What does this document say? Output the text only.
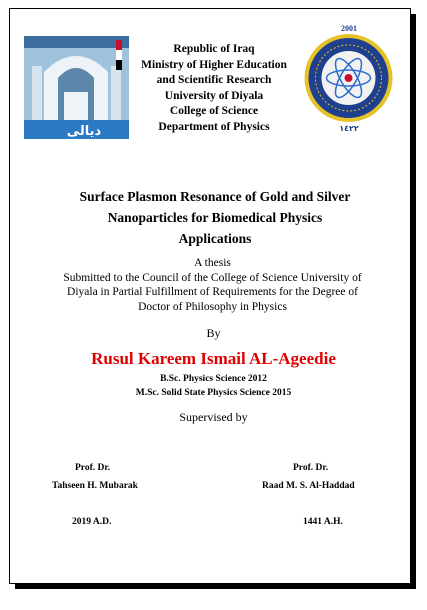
ديالى
2001
١٤٢٢
Republic of Iraq
Ministry of Higher Education
and Scientific Research
University of Diyala
College of Science
Department of Physics
Surface Plasmon Resonance of Gold and Silver
Nanoparticles for Biomedical Physics
Applications
A thesis
Submitted to the Council of the College of Science University of
Diyala in Partial Fulfillment of Requirements for the Degree of
Doctor of Philosophy in Physics
By
Rusul Kareem Ismail AL-Ageedie
B.Sc. Physics Science 2012
M.Sc. Solid State Physics Science 2015
Supervised by
Prof. Dr.
Tahseen H. Mubarak
Prof. Dr.
Raad M. S. Al-Haddad
2019 A.D.	1441 A.H.
